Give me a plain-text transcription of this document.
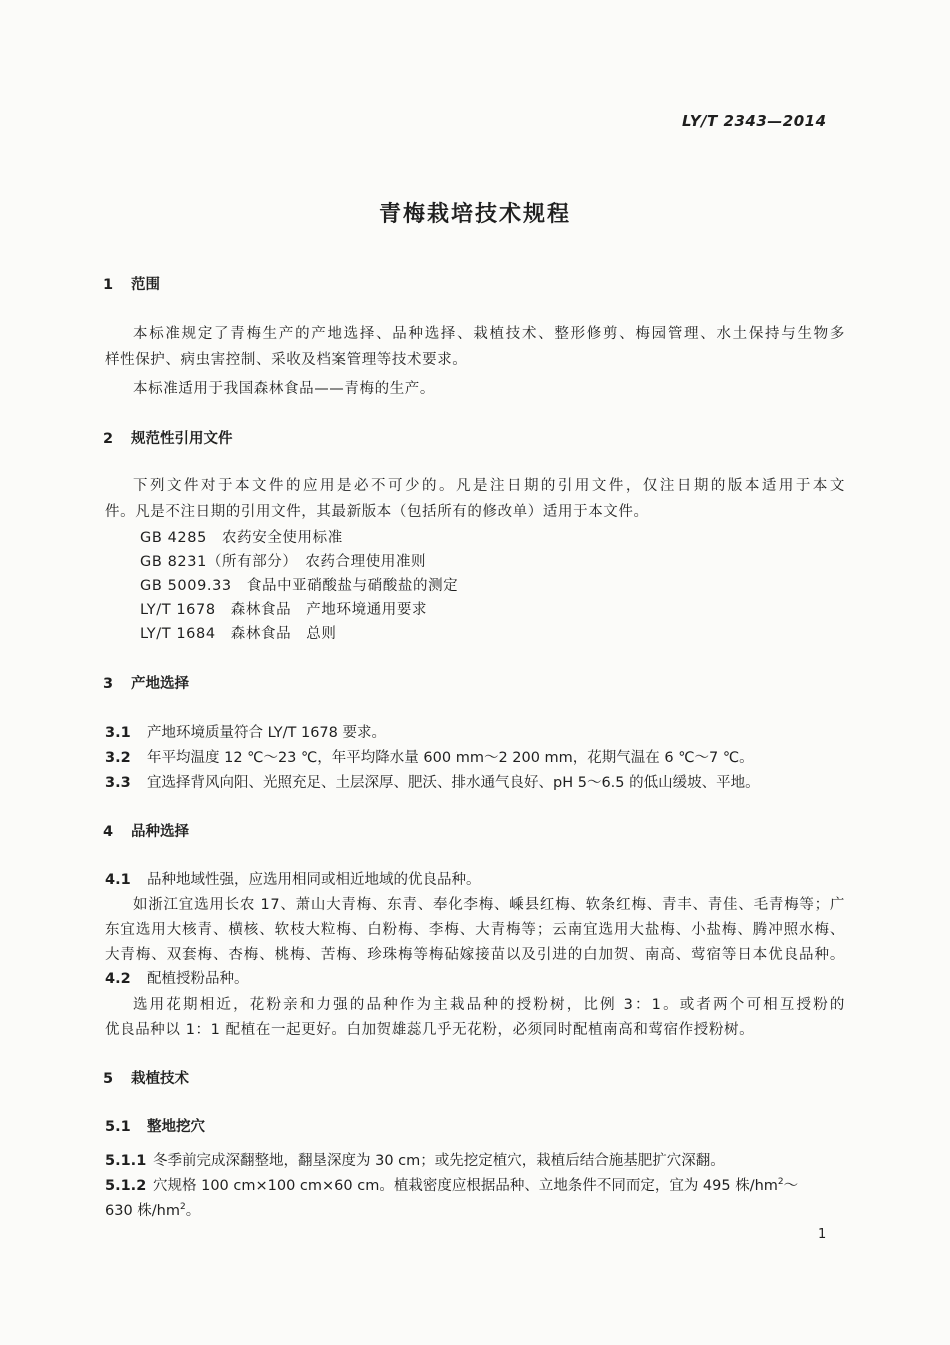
LY/T 2343—2014
青梅栽培技术规程
1 范围
本标准规定了青梅生产的产地选择、品种选择、栽植技术、整形修剪、梅园管理、水土保持与生物多
样性保护、病虫害控制、采收及档案管理等技术要求。
本标准适用于我国森林食品——青梅的生产。
2 规范性引用文件
下列文件对于本文件的应用是必不可少的。凡是注日期的引用文件，仅注日期的版本适用于本文
件。凡是不注日期的引用文件，其最新版本（包括所有的修改单）适用于本文件。
GB 4285　 农药安全使用标准
GB 8231（所有部分）　 农药合理使用准则
GB 5009.33　 食品中亚硝酸盐与硝酸盐的测定
LY/T 1678　 森林食品　产地环境通用要求
LY/T 1684　 森林食品　总则
3 产地选择
3.1 产地环境质量符合 LY/T 1678 要求。
3.2 年平均温度 12 ℃～23 ℃，年平均降水量 600 mm～2 200 mm，花期气温在 6 ℃～7 ℃。
3.3 宜选择背风向阳、光照充足、土层深厚、肥沃、排水通气良好、pH 5～6.5 的低山缓坡、平地。
4 品种选择
4.1 品种地域性强，应选用相同或相近地域的优良品种。
如浙江宜选用长农 17、萧山大青梅、东青、奉化李梅、嵊县红梅、软条红梅、青丰、青佳、毛青梅等；广
东宜选用大核青、横核、软枝大粒梅、白粉梅、李梅、大青梅等；云南宜选用大盐梅、小盐梅、腾冲照水梅、
大青梅、双套梅、杏梅、桃梅、苦梅、珍珠梅等梅砧嫁接苗以及引进的白加贺、南高、莺宿等日本优良品种。
4.2 配植授粉品种。
选用花期相近，花粉亲和力强的品种作为主栽品种的授粉树，比例 3：1。或者两个可相互授粉的
优良品种以 1：1 配植在一起更好。白加贺雄蕊几乎无花粉，必须同时配植南高和莺宿作授粉树。
5 栽植技术
5.1 整地挖穴
5.1.1 冬季前完成深翻整地，翻垦深度为 30 cm；或先挖定植穴，栽植后结合施基肥扩穴深翻。
5.1.2 穴规格 100 cm×100 cm×60 cm。植栽密度应根据品种、立地条件不同而定，宜为 495 株$/hm^2\sim$
630 株$/hm^2$。
1
